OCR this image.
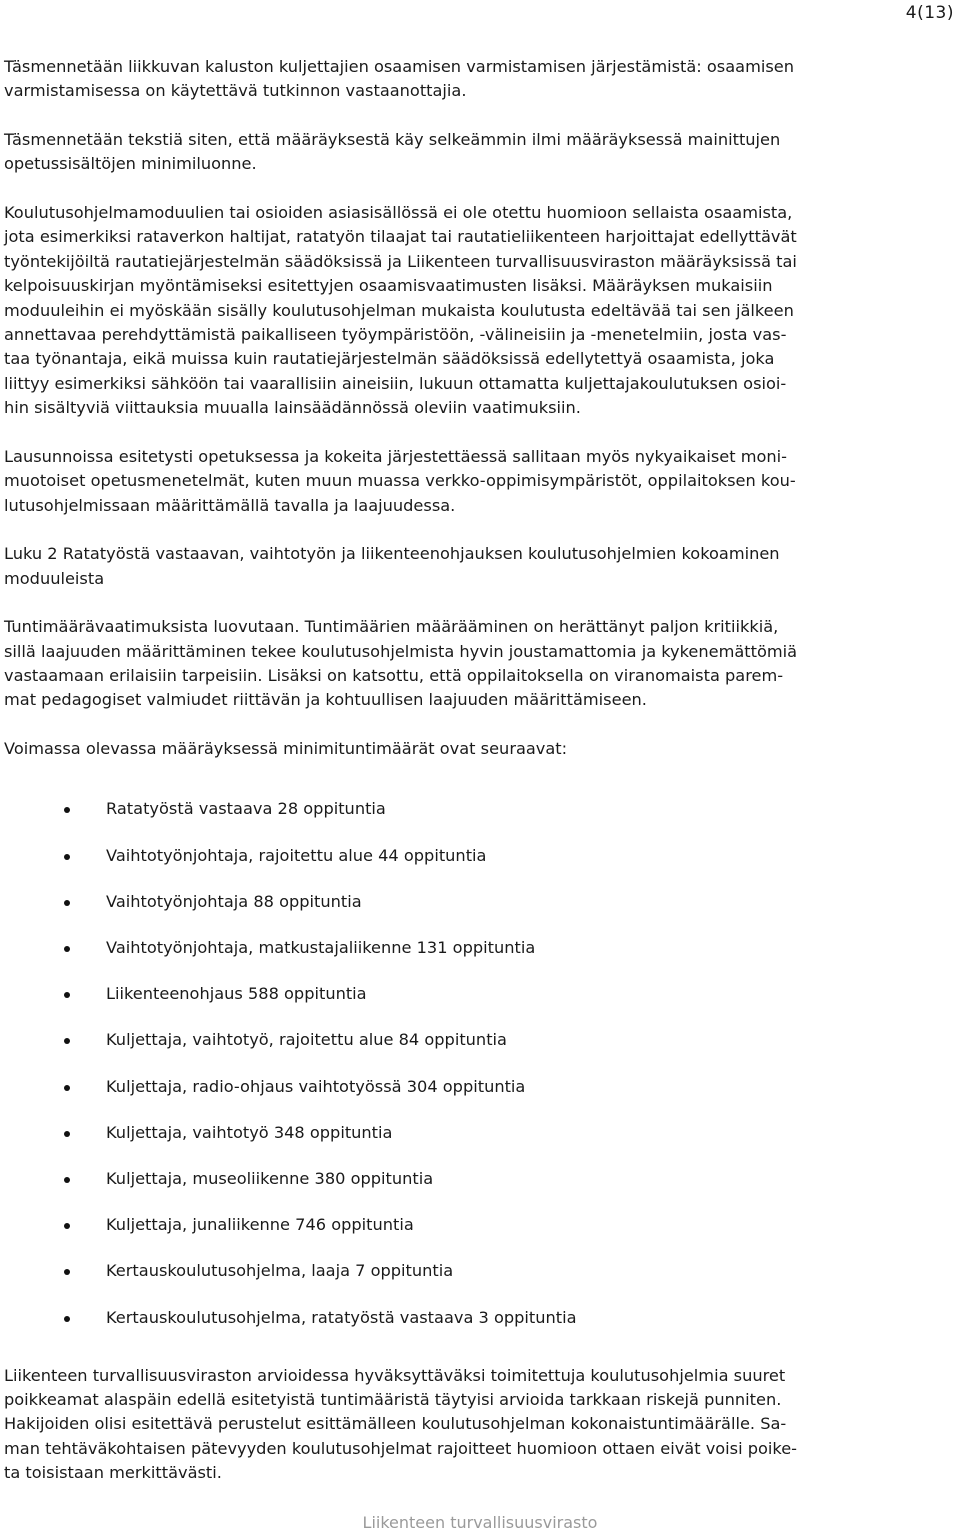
4(13)

Täsmennetään liikkuvan kaluston kuljettajien osaamisen varmistamisen järjestämistä: osaamisen
varmistamisessa on käytettävä tutkinnon vastaanottajia.

Täsmennetään tekstiä siten, että määräyksestä käy selkeämmin ilmi määräyksessä mainittujen
opetussisältöjen minimiluonne.

Koulutusohjelmamoduulien tai osioiden asiasisällössä ei ole otettu huomioon sellaista osaamista,
jota esimerkiksi rataverkon haltijat, ratatyön tilaajat tai rautatieliikenteen harjoittajat edellyttävät
työntekijöiltä rautatiejärjestelmän säädöksissä ja Liikenteen turvallisuusviraston määräyksissä tai
kelpoisuuskirjan myöntämiseksi esitettyjen osaamisvaatimusten lisäksi. Määräyksen mukaisiin
moduuleihin ei myöskään sisälly koulutusohjelman mukaista koulutusta edeltävää tai sen jälkeen
annettavaa perehdyttämistä paikalliseen työympäristöön, -välineisiin ja -menetelmiin, josta vas-
taa työnantaja, eikä muissa kuin rautatiejärjestelmän säädöksissä edellytettyä osaamista, joka
liittyy esimerkiksi sähköön tai vaarallisiin aineisiin, lukuun ottamatta kuljettajakoulutuksen osioi-
hin sisältyviä viittauksia muualla lainsäädännössä oleviin vaatimuksiin.

Lausunnoissa esitetysti opetuksessa ja kokeita järjestettäessä sallitaan myös nykyaikaiset moni-
muotoiset opetusmenetelmät, kuten muun muassa verkko-oppimisympäristöt, oppilaitoksen kou-
lutusohjelmissaan määrittämällä tavalla ja laajuudessa.

Luku 2 Ratatyöstä vastaavan, vaihtotyön ja liikenteenohjauksen koulutusohjelmien kokoaminen
moduuleista

Tuntimäärävaatimuksista luovutaan. Tuntimäärien määrääminen on herättänyt paljon kritiikkiä,
sillä laajuuden määrittäminen tekee koulutusohjelmista hyvin joustamattomia ja kykenemättömiä
vastaamaan erilaisiin tarpeisiin. Lisäksi on katsottu, että oppilaitoksella on viranomaista parem-
mat pedagogiset valmiudet riittävän ja kohtuullisen laajuuden määrittämiseen.

Voimassa olevassa määräyksessä minimituntimäärät ovat seuraavat:

Ratatyöstä vastaava 28 oppituntia
Vaihtotyönjohtaja, rajoitettu alue 44 oppituntia
Vaihtotyönjohtaja 88 oppituntia
Vaihtotyönjohtaja, matkustajaliikenne 131 oppituntia
Liikenteenohjaus 588 oppituntia
Kuljettaja, vaihtotyö, rajoitettu alue 84 oppituntia
Kuljettaja, radio-ohjaus vaihtotyössä 304 oppituntia
Kuljettaja, vaihtotyö 348 oppituntia
Kuljettaja, museoliikenne 380 oppituntia
Kuljettaja, junaliikenne 746 oppituntia
Kertauskoulutusohjelma, laaja 7 oppituntia
Kertauskoulutusohjelma, ratatyöstä vastaava 3 oppituntia

Liikenteen turvallisuusviraston arvioidessa hyväksyttäväksi toimitettuja koulutusohjelmia suuret
poikkeamat alaspäin edellä esitetyistä tuntimääristä täytyisi arvioida tarkkaan riskejä punniten.
Hakijoiden olisi esitettävä perustelut esittämälleen koulutusohjelman kokonaistuntimäärälle. Sa-
man tehtäväkohtaisen pätevyyden koulutusohjelmat rajoitteet huomioon ottaen eivät voisi poike-
ta toisistaan merkittävästi.

Liikenteen turvallisuusvirasto
